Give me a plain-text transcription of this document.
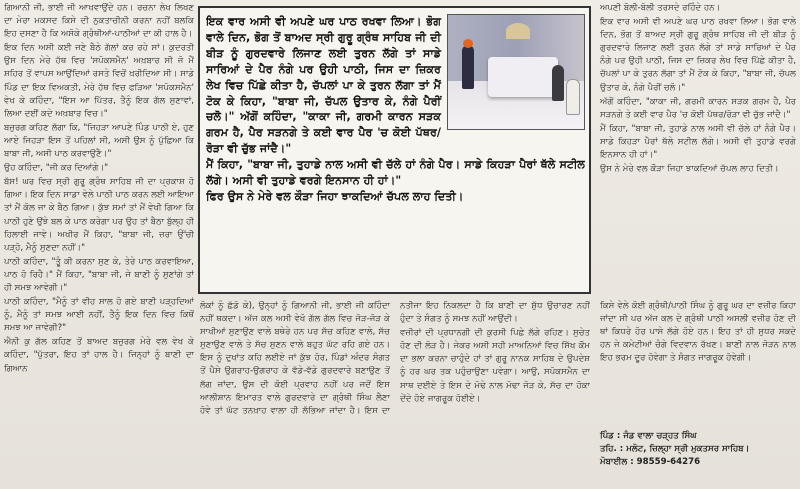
ਗਿਆਨੀ ਜੀ, ਭਾਈ ਜੀ ਆਖਵਾਉਂਦੇ ਹਨ। ਰਚਨਾ ਲੇਖ ਲਿਖਣ ਦਾ ਮੇਰਾ ਮਕਸਦ ਕਿਸੇ ਦੀ ਨੁਕਤਾਚੀਨੀ ਕਰਨਾ ਨਹੀਂ ਬਲਕਿ ਇਹ ਦਸਣਾ ਹੈ ਕਿ ਅਸੋਕੇ ਗ੍ਰੰਥੀਆਂ-ਪਾਠੀਆਂ ਦਾ ਕੀ ਹਾਲ ਹੈ।

ਇਕ ਦਿਨ ਅਸੀ ਕਈ ਜਣੇ ਬੈਠੇ ਗੱਲਾਂ ਕਰ ਰਹੇ ਸਾਂ। ਕੁਦਰਤੀ ਉਸ ਦਿਨ ਮੇਰੇ ਹੱਥ ਵਿਚ 'ਸਪੋਕਸਮੈਨ' ਅਖ਼ਬਾਰ ਸੀ ਜੋ ਮੈਂ ਸ਼ਹਿਰ ਤੋਂ ਵਾਪਸ ਆਉਂਦਿਆਂ ਰਸਤੇ ਵਿਚੋਂ ਖ਼ਰੀਦਿਆ ਸੀ। ਸਾਡੇ ਪਿੰਡ ਦਾ ਇਕ ਵਿਅਕਤੀ, ਮੇਰੇ ਹੱਥ ਵਿਚ ਫੜਿਆ 'ਸਪੋਕਸਮੈਨ' ਵੇਖ ਕੇ ਕਹਿੰਦਾ, "ਇਸ ਆ ਪਿੱਤਰ, ਤੈਨੂੰ ਇਕ ਗੱਲ ਸੁਣਾਵਾਂ, ਲਿਆ ਦਈਂ ਕਦੇ ਅਖ਼ਬਾਰ ਵਿਚ।"

ਬਜ਼ੁਰਗ ਕਹਿਣ ਲੱਗਾ ਕਿ, "ਜਿਹੜਾ ਆਪਣੇ ਪਿੰਡ ਪਾਠੀ ਏ, ਹੁਣ ਆਏ ਜਿਹੜਾ ਇਸ ਤੋਂ ਪਹਿਲਾਂ ਸੀ, ਅਸੀ ਉਸ ਨੂੰ ਪੁੱਛਿਆ ਕਿ ਬਾਬਾ ਜੀ, ਅਸੀ ਪਾਠ ਕਰਵਾਉਣੈ।"

ਉਹ ਕਹਿੰਦਾ, "ਜੀ ਕਰ ਦਿਆਂਗੇ।"

ਬੱਸ! ਘਰ ਵਿਚ ਸ੍ਰੀ ਗੁਰੂ ਗ੍ਰੰਥ ਸਾਹਿਬ ਜੀ ਦਾ ਪ੍ਰਕਾਸ਼ ਹੋ ਗਿਆ। ਇਕ ਦਿਨ ਸਾਡਾ ਵੇਲੇ ਪਾਠੀ ਪਾਠ ਕਰਨ ਲਈ ਆਇਆ ਤਾਂ ਮੈਂ ਕੋਲ ਜਾ ਕੇ ਬੈਠ ਗਿਆ। ਕੁੱਝ ਸਮਾਂ ਤਾਂ ਮੈਂ ਵੇਖੀ ਗਿਆ ਕਿ ਪਾਠੀ ਹੁਣੇ ਉਂਝੇ ਬਲ ਕੇ ਪਾਠ ਕਰੇਗਾ ਪਰ ਉਹ ਤਾਂ ਬੈਠਾ ਬੁੱਲ੍ਹ ਹੀ ਹਿਲਾਈ ਜਾਵੇ। ਅਖੀਰ ਮੈਂ ਕਿਹਾ, "ਬਾਬਾ ਜੀ, ਜ਼ਰਾ ਉੱਚੀ ਪੜ੍ਹੋ, ਮੈਨੂੰ ਸੁਣਦਾ ਨਹੀਂ।"

ਪਾਠੀ ਕਹਿੰਦਾ, "ਤੂੰ ਕੀ ਕਰਨਾ ਸੁਣ ਕੇ, ਤੇਰੇ ਪਾਠ ਕਰਵਾਇਆ, ਪਾਠ ਹੋ ਰਿਹੈ।" ਮੈਂ ਕਿਹਾ, "ਬਾਬਾ ਜੀ, ਜੇ ਬਾਣੀ ਨੂੰ ਸੁਣਾਂਗੇ ਤਾਂ ਹੀ ਸਮਝ ਆਵੇਗੀ।"

ਪਾਠੀ ਕਹਿੰਦਾ, "ਮੈਨੂੰ ਤਾਂ ਵੀਹ ਸਾਲ ਹੋ ਗਏ ਬਾਣੀ ਪੜ੍ਹਦਿਆਂ ਨੂੰ, ਮੈਨੂੰ ਤਾਂ ਸਮਝ ਆਈ ਨਹੀਂ, ਤੈਨੂੰ ਇਕ ਦਿਨ ਵਿਚ ਕਿਥੋਂ ਸਮਝ ਆ ਜਾਵੇਗੀ?"

ਐਨੀ ਕੁ ਗੱਲ ਕਹਿਣ ਤੋਂ ਬਾਅਦ ਬਜ਼ੁਰਗ ਮੇਰੇ ਵਲ ਵੇਖ ਕੇ ਕਹਿੰਦਾ, "ਪੁੱਤਰਾ, ਇਹ ਤਾਂ ਹਾਲ ਹੈ। ਜਿਨ੍ਹਾਂ ਨੂੰ ਬਾਣੀ ਦਾ ਗਿਆਨ

ਇਕ ਵਾਰ ਅਸੀ ਵੀ ਅਪਣੇ ਘਰ ਪਾਠ ਰਖਵਾ ਲਿਆ। ਭੋਗ ਵਾਲੇ ਦਿਨ, ਭੋਗ ਤੋਂ ਬਾਅਦ ਸ੍ਰੀ ਗੁਰੂ ਗ੍ਰੰਥ ਸਾਹਿਬ ਜੀ ਦੀ ਬੀੜ ਨੂੰ ਗੁਰਦਵਾਰੇ ਲਿਜਾਣ ਲਈ ਤੁਰਨ ਲੱਗੇ ਤਾਂ ਸਾਡੇ ਸਾਰਿਆਂ ਦੇ ਪੈਰ ਨੰਗੇ ਪਰ ਉਹੀ ਪਾਠੀ, ਜਿਸ ਦਾ ਜ਼ਿਕਰ ਲੇਖ ਵਿਚ ਪਿੱਛੇ ਕੀਤਾ ਹੈ, ਚੱਪਲਾਂ ਪਾ ਕੇ ਤੁਰਨ ਲੱਗਾ ਤਾਂ ਮੈਂ ਟੋਕ ਕੇ ਕਿਹਾ, "ਬਾਬਾ ਜੀ, ਚੱਪਲ ਉਤਾਰ ਕੇ, ਨੰਗੇ ਪੈਰੀਂ ਚਲੋ।" ਅੱਗੋਂ ਕਹਿੰਦਾ, "ਕਾਕਾ ਜੀ, ਗਰਮੀ ਕਾਰਨ ਸੜਕ ਗਰਮ ਹੈ, ਪੈਰ ਸੜਨਗੇ ਤੇ ਕਈ ਵਾਰ ਪੈਰ 'ਚ ਕੋਈ ਪੱਥਰ/ਰੋੜਾ ਵੀ ਚੁੱਭ ਜਾਂਦੈ।"
ਮੈਂ ਕਿਹਾ, "ਬਾਬਾ ਜੀ, ਤੁਹਾਡੇ ਨਾਲ ਅਸੀ ਵੀ ਚੱਲੇ ਹਾਂ ਨੰਗੇ ਪੈਰ। ਸਾਡੇ ਕਿਹੜਾ ਪੈਰਾਂ ਥੱਲੇ ਸਟੀਲ ਲੱਗੇ। ਅਸੀ ਵੀ ਤੁਹਾਡੇ ਵਰਗੇ ਇਨਸਾਨ ਹੀ ਹਾਂ।"
ਫਿਰ ਉਸ ਨੇ ਮੇਰੇ ਵਲ ਕੌੜਾ ਜਿਹਾ ਝਾਕਦਿਆਂ ਚੱਪਲ ਲਾਹ ਦਿਤੀ।

ਅਪਣੀ ਬੋਲੀ-ਬੋਲੀ ਤਰਸਦੇ ਰਹਿੰਦੇ ਹਨ।

ਇਕ ਵਾਰ ਅਸੀ ਵੀ ਅਪਣੇ ਘਰ ਪਾਠ ਰਖਵਾ ਲਿਆ। ਭੋਗ ਵਾਲੇ ਦਿਨ, ਭੋਗ ਤੋਂ ਬਾਅਦ ਸ੍ਰੀ ਗੁਰੂ ਗ੍ਰੰਥ ਸਾਹਿਬ ਜੀ ਦੀ ਬੀੜ ਨੂੰ ਗੁਰਦਵਾਰੇ ਲਿਜਾਣ ਲਈ ਤੁਰਨ ਲੱਗੇ ਤਾਂ ਸਾਡੇ ਸਾਰਿਆਂ ਦੇ ਪੈਰ ਨੰਗੇ ਪਰ ਉਹੀ ਪਾਠੀ, ਜਿਸ ਦਾ ਜ਼ਿਕਰ ਲੇਖ ਵਿਚ ਪਿੱਛੇ ਕੀਤਾ ਹੈ, ਚੱਪਲਾਂ ਪਾ ਕੇ ਤੁਰਨ ਲੱਗਾ ਤਾਂ ਮੈਂ ਟੋਕ ਕੇ ਕਿਹਾ, "ਬਾਬਾ ਜੀ, ਚੱਪਲ ਉਤਾਰ ਕੇ, ਨੰਗੇ ਪੈਰੀਂ ਚਲੋ।"

ਅੱਗੋਂ ਕਹਿੰਦਾ, "ਕਾਕਾ ਜੀ, ਗਰਮੀ ਕਾਰਨ ਸੜਕ ਗਰਮ ਹੈ, ਪੈਰ ਸੜਨਗੇ ਤੇ ਕਈ ਵਾਰ ਪੈਰ 'ਚ ਕੋਈ ਪੱਥਰ/ਰੋੜਾ ਵੀ ਚੁੱਭ ਜਾਂਦੈ।"

ਮੈਂ ਕਿਹਾ, "ਬਾਬਾ ਜੀ, ਤੁਹਾਡੇ ਨਾਲ ਅਸੀ ਵੀ ਚੱਲੇ ਹਾਂ ਨੰਗੇ ਪੈਰ। ਸਾਡੇ ਕਿਹੜਾ ਪੈਰਾਂ ਥੱਲੇ ਸਟੀਲ ਲੱਗੇ। ਅਸੀ ਵੀ ਤੁਹਾਡੇ ਵਰਗੇ ਇਨਸਾਨ ਹੀ ਹਾਂ।"

ਉਸ ਨੇ ਮੇਰੇ ਵਲ ਕੌੜਾ ਜਿਹਾ ਝਾਕਦਿਆਂ ਚੱਪਲ ਲਾਹ ਦਿਤੀ।

ਲੋਕਾਂ ਨੂੰ ਛੱਡੋ ਕੇ), ਉਨ੍ਹਾਂ ਨੂੰ ਗਿਆਨੀ ਜੀ, ਭਾਈ ਜੀ ਕਹਿੰਦਾ ਨਹੀਂ ਥਕਦਾ। ਅੱਜ ਕਲ ਅਸੀ ਵੇਖੋ ਗੱਲ ਗੱਲ ਵਿਚ ਜੋੜ-ਜੋੜ ਕੇ ਸਾਖੀਆਂ ਸੁਣਾਉਣ ਵਾਲੇ ਬਥੇਰੇ ਹਨ ਪਰ ਸੱਚ ਕਹਿਣ ਵਾਲੇ, ਸੱਚ ਸੁਣਾਉਣ ਵਾਲੇ ਤੇ ਸੱਚ ਸੁਣਨ ਵਾਲੇ ਬਹੁਤ ਘੱਟ ਰਹਿ ਗਏ ਹਨ। ਇਸ ਨੂੰ ਦੁਖਾਂਤ ਕਹਿ ਲਈਏ ਜਾਂ ਕੁੱਝ ਹੋਰ, ਪਿੰਡਾਂ ਅੰਦਰ ਸੰਗਤ ਤੋਂ ਪੈਸੇ ਉਗਰਾਹ-ਉਗਰਾਹ ਕੇ ਵੱਡੇ-ਵੱਡੇ ਗੁਰਦਵਾਰੇ ਬਣਾਉਣ ਤੋਂ ਲੱਗ ਜਾਂਦਾ, ਉਸ ਦੀ ਕੋਈ ਪ੍ਰਵਾਹ ਨਹੀਂ ਪਰ ਜਦੋਂ ਇਸ ਆਲੀਸ਼ਾਨ ਇਮਾਰਤ ਵਾਲੇ ਗੁਰਦਵਾਰੇ ਦਾ ਗ੍ਰੰਥੀ ਸਿੰਘ ਲੈਣਾ ਹੋਵੇ ਤਾਂ ਘੱਟ ਤਨਖ਼ਾਹ ਵਾਲਾ ਹੀ ਲੱਭਿਆ ਜਾਂਦਾ ਹੈ। ਇਸ ਦਾ ਨਤੀਜਾ ਇਹ ਨਿਕਲਦਾ ਹੈ ਕਿ ਬਾਣੀ ਦਾ ਸ਼ੁੱਧ ਉਚਾਰਣ ਨਹੀਂ ਹੁੰਦਾ ਤੇ ਸੰਗਤ ਨੂੰ ਸਮਝ ਨਹੀਂ ਆਉਂਦੀ।

ਵਜ਼ੀਰਾਂ ਦੀ ਪ੍ਰਧਾਨਗੀ ਦੀ ਕੁਰਸੀ ਪਿਛੇ ਲੱਗੇ ਰਹਿਣ। ਸੁਚੇਤ ਹੋਣ ਦੀ ਲੋੜ ਹੈ। ਜੇਕਰ ਅਸੀ ਸਹੀ ਮਾਅਨਿਆਂ ਵਿਚ ਸਿੱਖ ਕੌਮ ਦਾ ਭਲਾ ਕਰਨਾ ਚਾਹੁੰਦੇ ਹਾਂ ਤਾਂ ਗੁਰੂ ਨਾਨਕ ਸਾਹਿਬ ਦੇ ਉਪਦੇਸ਼ ਨੂੰ ਹਰ ਘਰ ਤਕ ਪਹੁੰਚਾਉਣਾ ਪਵੇਗਾ। ਆਉ, ਸਪੋਕਸਮੈਨ ਦਾ ਸਾਥ ਦਈਏ ਤੇ ਇਸ ਦੇ ਮੋਢੇ ਨਾਲ ਮੋਢਾ ਜੋੜ ਕੇ, ਸੱਚ ਦਾ ਹੋਕਾ ਦੇਂਦੇ ਹੋਏ ਜਾਗਰੂਕ ਹੋਈਏ।

ਕਿਸੇ ਵੇਲੇ ਕੋਈ ਗ੍ਰੰਥੀ/ਪਾਠੀ ਸਿੰਘ ਨੂੰ ਗੁਰੂ ਘਰ ਦਾ ਵਜ਼ੀਰ ਕਿਹਾ ਜਾਂਦਾ ਸੀ ਪਰ ਅੱਜ ਕਲ ਦੇ ਗ੍ਰੰਥੀ ਪਾਠੀ ਅਸਲੀ ਵਜ਼ੀਰ ਹੋਣ ਦੀ ਥਾਂ ਕਿਧਰੇ ਹੋਰ ਪਾਸੇ ਲੱਗੇ ਹੋਏ ਹਨ। ਇਹ ਤਾਂ ਹੀ ਸੁਧਰ ਸਕਦੇ ਹਨ ਜੇ ਕਮੇਟੀਆਂ ਚੰਗੇ ਵਿਦਵਾਨ ਰੱਖਣ। ਬਾਣੀ ਨਾਲ ਜੋੜਨ ਨਾਲ ਇਹ ਭਰਮ ਦੂਰ ਹੋਵੇਗਾ ਤੇ ਸੰਗਤ ਜਾਗਰੂਕ ਹੋਵੇਗੀ।

ਪਿੰਡ : ਜੰਡ ਵਾਲਾ ਚੜ੍ਹਤ ਸਿੰਘ
ਤਹਿ. : ਮਲੋਟ, ਜ਼ਿਲ੍ਹਾ ਸ੍ਰੀ ਮੁਕਤਸਰ ਸਾਹਿਬ।
ਮੋਬਾਈਲ : 98559-64276
